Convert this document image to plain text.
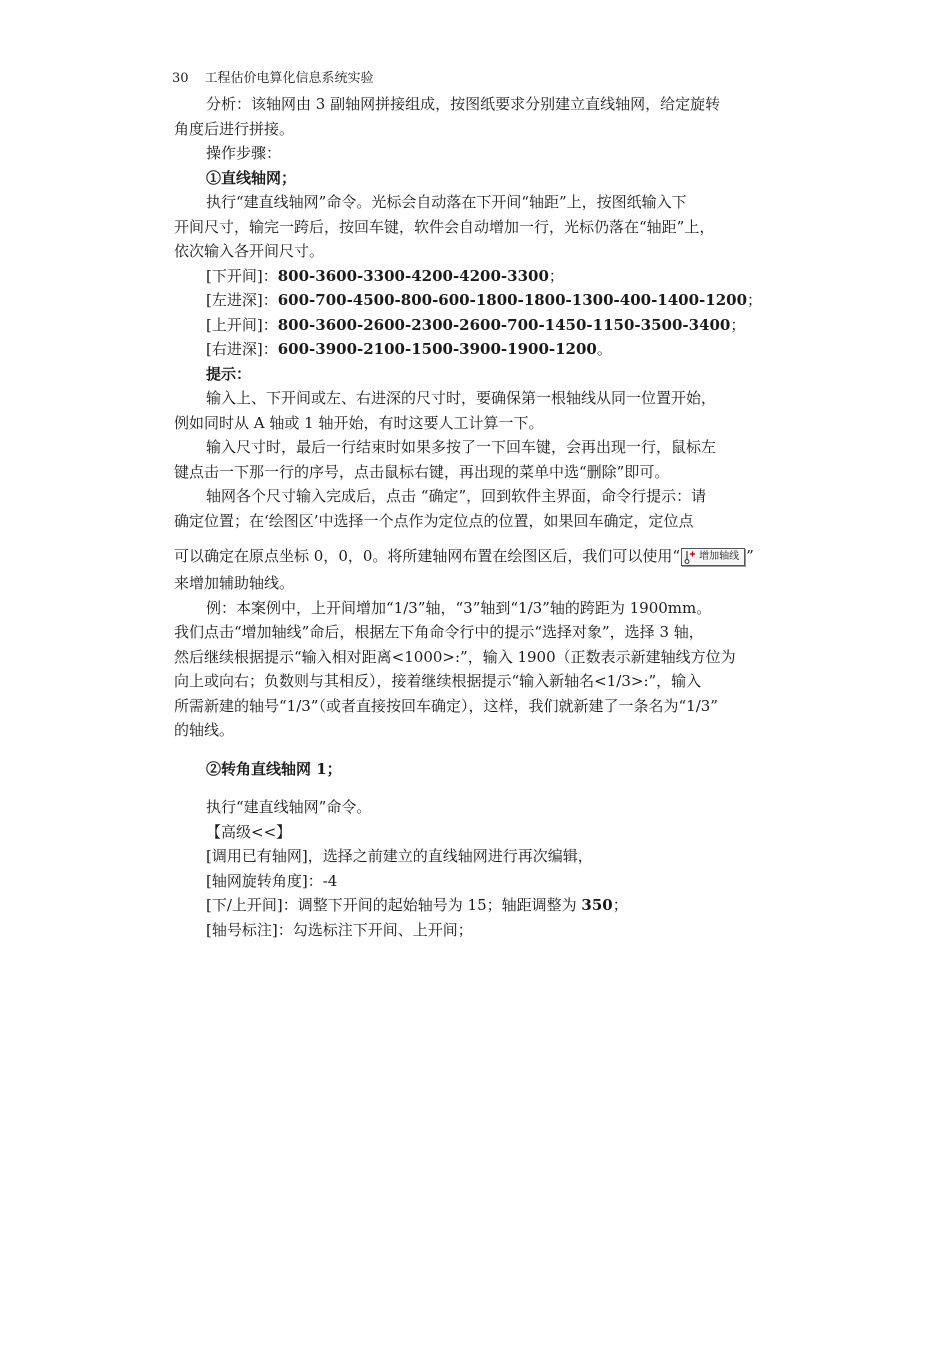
30 工程估价电算化信息系统实验

分析：该轴网由 3 副轴网拼接组成，按图纸要求分别建立直线轴网，给定旋转

角度后进行拼接。

操作步骤：

①直线轴网；

执行“建直线轴网”命令。光标会自动落在下开间“轴距”上，按图纸输入下

开间尺寸，输完一跨后，按回车键，软件会自动增加一行，光标仍落在“轴距”上，

依次输入各开间尺寸。

[下开间]：800-3600-3300-4200-4200-3300；

[左进深]：600-700-4500-800-600-1800-1800-1300-400-1400-1200；

[上开间]：800-3600-2600-2300-2600-700-1450-1150-3500-3400；

[右进深]：600-3900-2100-1500-3900-1900-1200。

提示：

输入上、下开间或左、右进深的尺寸时，要确保第一根轴线从同一位置开始，

例如同时从 A 轴或 1 轴开始，有时这要人工计算一下。

输入尺寸时，最后一行结束时如果多按了一下回车键，会再出现一行，鼠标左

键点击一下那一行的序号，点击鼠标右键，再出现的菜单中选“删除”即可。

轴网各个尺寸输入完成后，点击 “确定”，回到软件主界面，命令行提示：请

确定位置；在‘绘图区’中选择一个点作为定位点的位置，如果回车确定，定位点

可以确定在原点坐标 0，0，0。将所建轴网布置在绘图区后，我们可以使用“ 增加轴线 ”

来增加辅助轴线。

例：本案例中，上开间增加“1/3”轴，“3”轴到“1/3”轴的跨距为 1900mm。

我们点击“增加轴线”命后，根据左下角命令行中的提示“选择对象”，选择 3 轴，

然后继续根据提示“输入相对距离<1000>:”，输入 1900（正数表示新建轴线方位为

向上或向右；负数则与其相反），接着继续根据提示“输入新轴名<1/3>:”，输入

所需新建的轴号“1/3”（或者直接按回车确定），这样，我们就新建了一条名为“1/3”

的轴线。

②转角直线轴网 1；

执行“建直线轴网”命令。

【高级<<】

[调用已有轴网]，选择之前建立的直线轴网进行再次编辑，

[轴网旋转角度]：-4

[下/上开间]：调整下开间的起始轴号为 15；轴距调整为 350；

[轴号标注]：勾选标注下开间、上开间；
